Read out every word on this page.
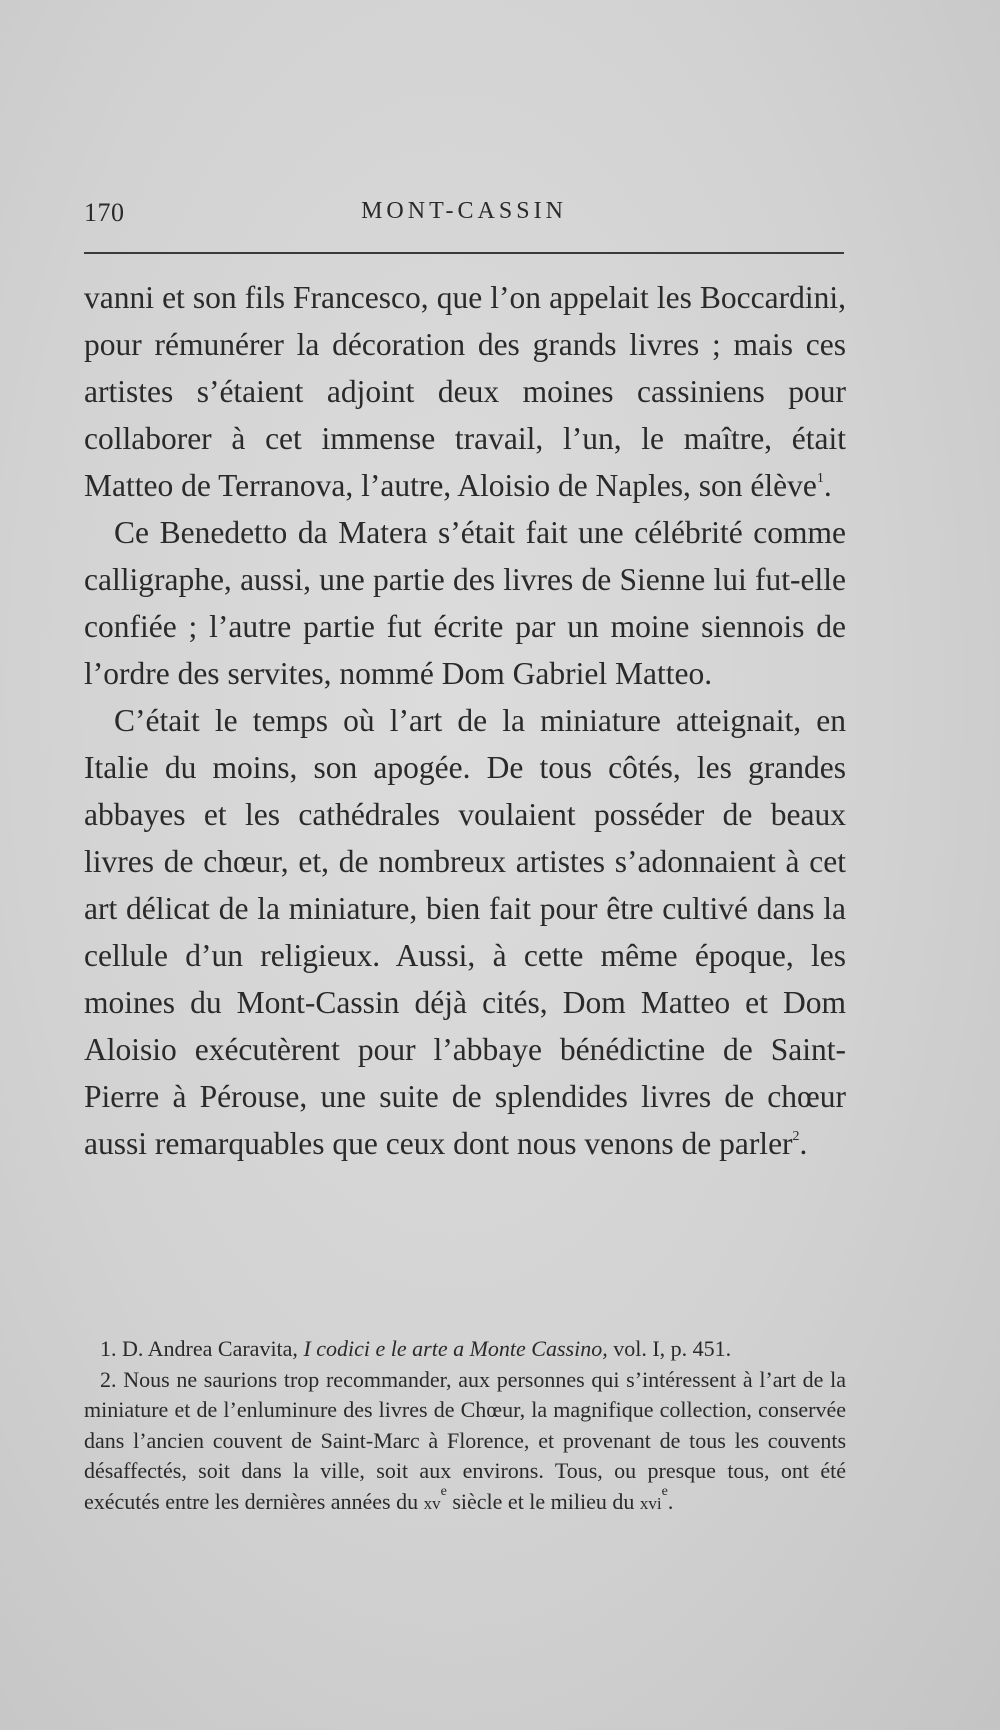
170	MONT-CASSIN

vanni et son fils Francesco, que l’on appelait les Boccardini, pour rémunérer la décoration des grands livres ; mais ces artistes s’étaient adjoint deux moines cassiniens pour collaborer à cet immense travail, l’un, le maître, était Matteo de Terranova, l’autre, Aloisio de Naples, son élève$^1$.

Ce Benedetto da Matera s’était fait une célébrité comme calligraphe, aussi, une partie des livres de Sienne lui fut-elle confiée ; l’autre partie fut écrite par un moine siennois de l’ordre des servites, nommé Dom Gabriel Matteo.

C’était le temps où l’art de la miniature atteignait, en Italie du moins, son apogée. De tous côtés, les grandes abbayes et les cathédrales voulaient posséder de beaux livres de chœur, et, de nombreux artistes s’adonnaient à cet art délicat de la miniature, bien fait pour être cultivé dans la cellule d’un religieux. Aussi, à cette même époque, les moines du Mont-Cassin déjà cités, Dom Matteo et Dom Aloisio exécutèrent pour l’abbaye bénédictine de Saint-Pierre à Pérouse, une suite de splendides livres de chœur aussi remarquables que ceux dont nous venons de parler$^2$.

1. D. Andrea Caravita, I codici e le arte a Monte Cassino, vol. I, p. 451.

2. Nous ne saurions trop recommander, aux personnes qui s’intéressent à l’art de la miniature et de l’enluminure des livres de Chœur, la magnifique collection, conservée dans l’ancien couvent de Saint-Marc à Florence, et provenant de tous les couvents désaffectés, soit dans la ville, soit aux environs. Tous, ou presque tous, ont été exécutés entre les dernières années du $xv^e$ siècle et le milieu du xvi$^e$.
